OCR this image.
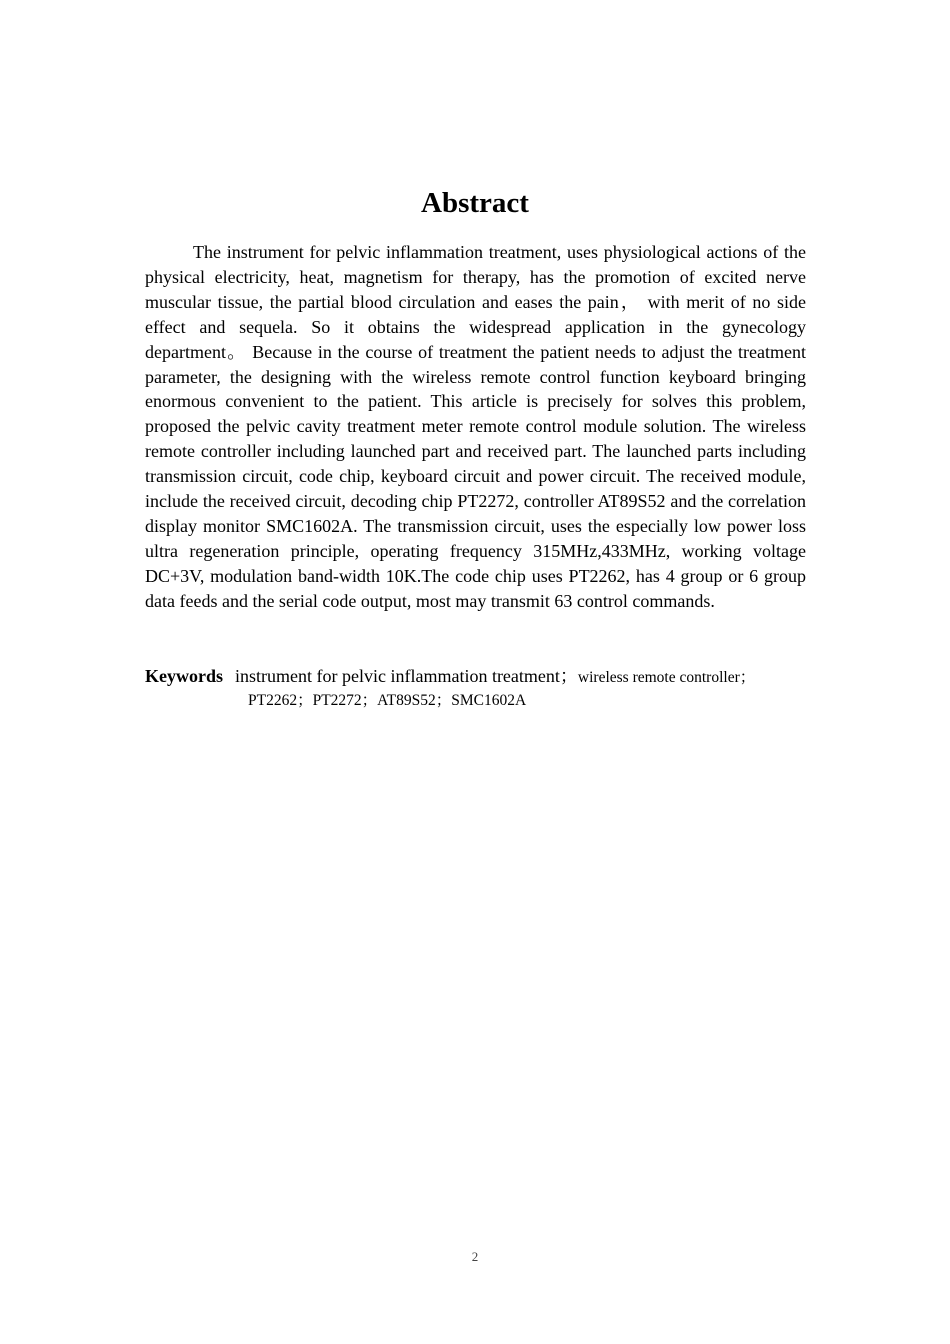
Abstract

The instrument for pelvic inflammation treatment, uses physiological actions of the physical electricity, heat, magnetism for therapy, has the promotion of excited nerve muscular tissue, the partial blood circulation and eases the pain， with merit of no side effect and sequela. So it obtains the widespread application in the gynecology department。 Because in the course of treatment the patient needs to adjust the treatment parameter, the designing with the wireless remote control function keyboard bringing enormous convenient to the patient. This article is precisely for solves this problem, proposed the pelvic cavity treatment meter remote control module solution. The wireless remote controller including launched part and received part. The launched parts including transmission circuit, code chip, keyboard circuit and power circuit. The received module, include the received circuit, decoding chip PT2272, controller AT89S52 and the correlation display monitor SMC1602A. The transmission circuit, uses the especially low power loss ultra regeneration principle, operating frequency 315MHz,433MHz, working voltage DC+3V, modulation band-width 10K.The code chip uses PT2262, has 4 group or 6 group data feeds and the serial code output, most may transmit 63 control commands.

Keywords instrument for pelvic inflammation treatment；wireless remote controller；
PT2262；PT2272；AT89S52；SMC1602A
2
